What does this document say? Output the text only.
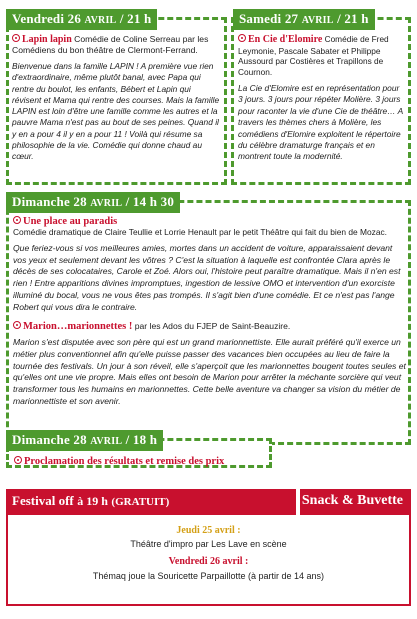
Vendredi 26 AVRIL / 21 h
Lapin lapin Comédie de Coline Serreau par les Comédiens du bon théâtre de Clermont-Ferrand.
Bienvenue dans la famille LAPIN ! A première vue rien d'extraordinaire, même plutôt banal, avec Papa qui rentre du boulot, les enfants, Bébert et Lapin qui révisent et Mama qui rentre des courses. Mais la famille LAPIN est loin d'être une famille comme les autres et la pauvre Mama n'est pas au bout de ses peines. Quand il y en a pour 4 il y en a pour 11 ! Voilà qui résume sa philosophie de la vie. Comédie qui donne chaud au cœur.
Samedi 27 AVRIL / 21 h
En Cie d'Elomire Comédie de Fred Leymonie, Pascale Sabater et Philippe Aussourd par Costières et Trapillons de Cournon.
La Cie d'Elomire est en représentation pour 3 jours. 3 jours pour répéter Molière. 3 jours pour raconter la vie d'une Cie de théâtre… A travers les thèmes chers à Molière, les comédiens d'Elomire exploitent le répertoire du célèbre dramaturge français et en montrent toute la modernité.
Dimanche 28 AVRIL / 14 h 30
Une place au paradis
Comédie dramatique de Claire Teullie et Lorrie Henault par le petit Théâtre qui fait du bien de Mozac.
Que feriez-vous si vos meilleures amies, mortes dans un accident de voiture, apparaissaient devant vos yeux et seulement devant les vôtres ? C'est la situation à laquelle est confrontée Clara après le décès de ses colocataires, Carole et Zoé. Alors oui, l'histoire peut paraître dramatique. Mais il n'en est rien ! Entre apparitions divines impromptues, ingestion de lessive OMO et intervention d'un exorciste illuminé du bocal, vous ne vous êtes pas trompés. Il s'agit bien d'une comédie. Et ce n'est pas l'ange Robert qui vous dira le contraire.
Marion…marionnettes ! par les Ados du FJEP de Saint-Beauzire.
Marion s'est disputée avec son père qui est un grand marionnettiste. Elle aurait préféré qu'il exerce un métier plus conventionnel afin qu'elle puisse passer des vacances bien occupées au lieu de faire la tournée des festivals. Un jour à son réveil, elle s'aperçoit que les marionnettes bougent toutes seules et qu'elles ont une vie propre. Mais elles ont besoin de Marion pour arrêter la méchante sorcière qui veut transformer tous les humains en marionnettes. Cette belle aventure va changer sa vision du métier de marionnettiste et son avenir.
Dimanche 28 AVRIL / 18 h
Proclamation des résultats et remise des prix
Festival off à 19 h (GRATUIT)	Snack & Buvette
Jeudi 25 avril :
Théâtre d'impro par Les Lave en scène
Vendredi 26 avril :
Thémaq joue la Souricette Parpaillotte (à partir de 14 ans)
